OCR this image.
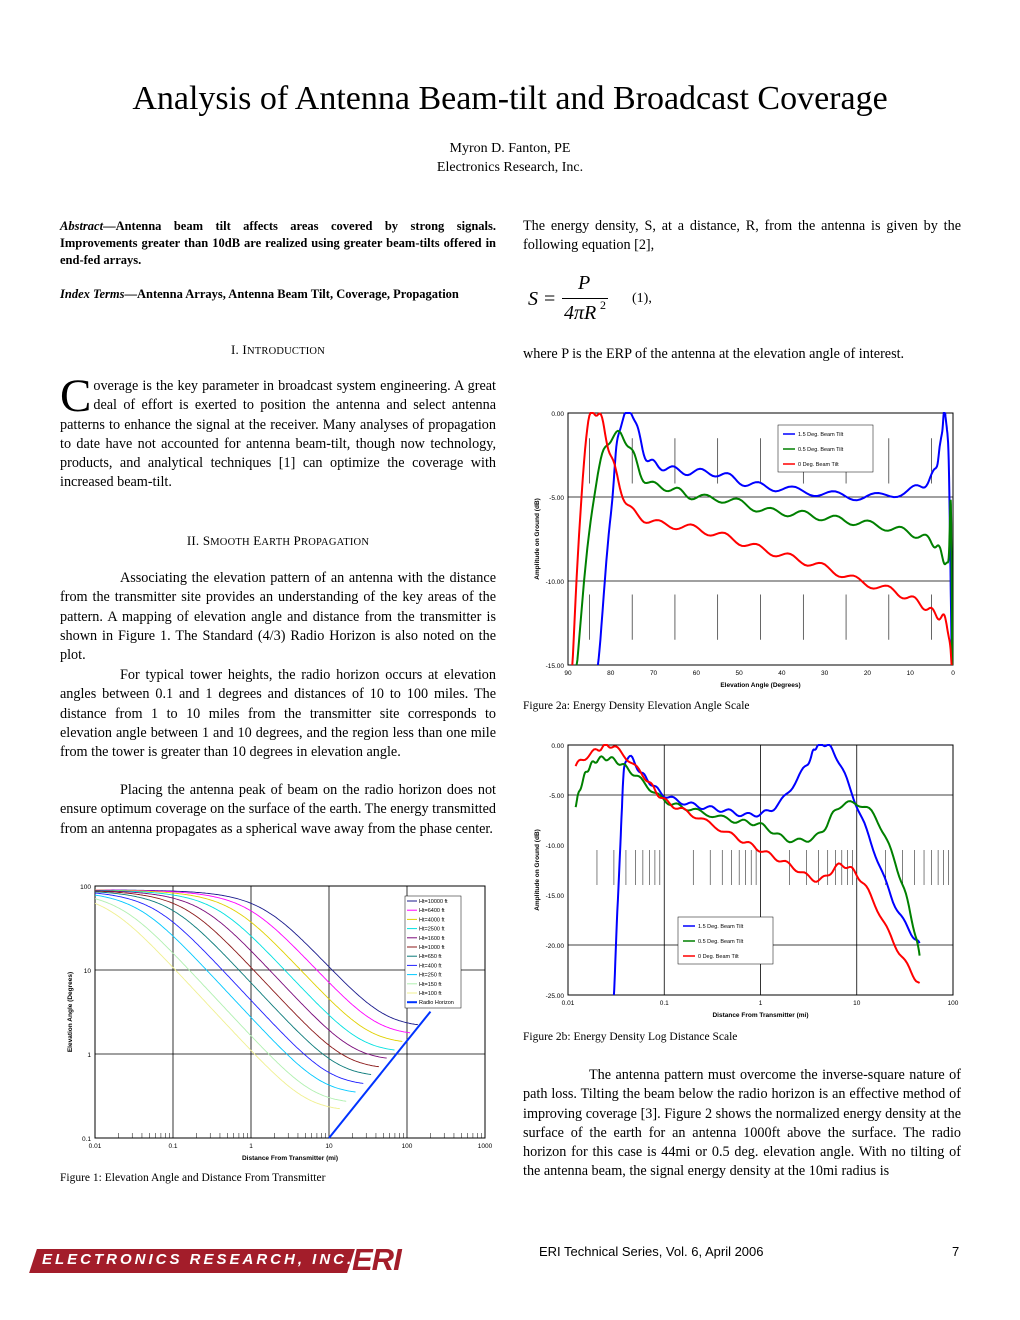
Analysis of Antenna Beam-tilt and Broadcast Coverage
Myron D. Fanton, PE
Electronics Research, Inc.
Abstract—Antenna beam tilt affects areas covered by strong signals. Improvements greater than 10dB are realized using greater beam-tilts offered in end-fed arrays.
Index Terms—Antenna Arrays, Antenna Beam Tilt, Coverage, Propagation
I. INTRODUCTION
Coverage is the key parameter in broadcast system engineering. A great deal of effort is exerted to position the antenna and select antenna patterns to enhance the signal at the receiver. Many analyses of propagation to date have not accounted for antenna beam-tilt, though now technology, products, and analytical techniques [1] can optimize the coverage with increased beam-tilt.
II. SMOOTH EARTH PROPAGATION
Associating the elevation pattern of an antenna with the distance from the transmitter site provides an understanding of the key areas of the pattern. A mapping of elevation angle and distance from the transmitter is shown in Figure 1. The Standard (4/3) Radio Horizon is also noted on the plot.
For typical tower heights, the radio horizon occurs at elevation angles between 0.1 and 1 degrees and distances of 10 to 100 miles. The distance from 1 to 10 miles from the transmitter site corresponds to elevation angle between 1 and 10 degrees, and the region less than one mile from the tower is greater than 10 degrees in elevation angle.
Placing the antenna peak of beam on the radio horizon does not ensure optimum coverage on the surface of the earth. The energy transmitted from an antenna propagates as a spherical wave away from the phase center.
0.01	0.1	1	10	100	1000
0.1
1
10
100
Distance From Transmitter (mi)
Elevation Angle (Degrees)
Ht=10000 ft
Ht=6400 ft
Ht=4000 ft
Ht=2500 ft
Ht=1600 ft
Ht=1000 ft
Ht=650 ft
Ht=400 ft
Ht=250 ft
Ht=150 ft
Ht=100 ft
Radio Horizon
Figure 1: Elevation Angle and Distance From Transmitter
The energy density, S, at a distance, R, from the antenna is given by the following equation [2],
S =
P
4πR 2 (1),
where P is the ERP of the antenna at the elevation angle of interest.
90	80	70	60	50	40	30	20	10	0
0.00
-5.00
-10.00
-15.00
Elevation Angle (Degrees)
Amplitude on Ground (dB)
1.5 Deg. Beam Tilt
0.5 Deg. Beam Tilt
0 Deg. Beam Tilt
Figure 2a: Energy Density Elevation Angle Scale
0.01	0.1	1	10	100
0.00
-5.00
-10.00
-15.00
-20.00
-25.00
Distance From Transmitter (mi)
Amplitude on Ground (dB)
1.5 Deg. Beam Tilt
0.5 Deg. Beam Tilt
0 Deg. Beam Tilt
Figure 2b: Energy Density Log Distance Scale
The antenna pattern must overcome the inverse-square nature of path loss. Tilting the beam below the radio horizon is an effective method of improving coverage [3]. Figure 2 shows the normalized energy density at the surface of the earth for an antenna 1000ft above the surface. The radio horizon for this case is 44mi or 0.5 deg. elevation angle. With no tilting of the antenna beam, the signal energy density at the 10mi radius is
ELECTRONICS RESEARCH, INC.
ERI	ERI Technical Series, Vol. 6, April 2006	7
